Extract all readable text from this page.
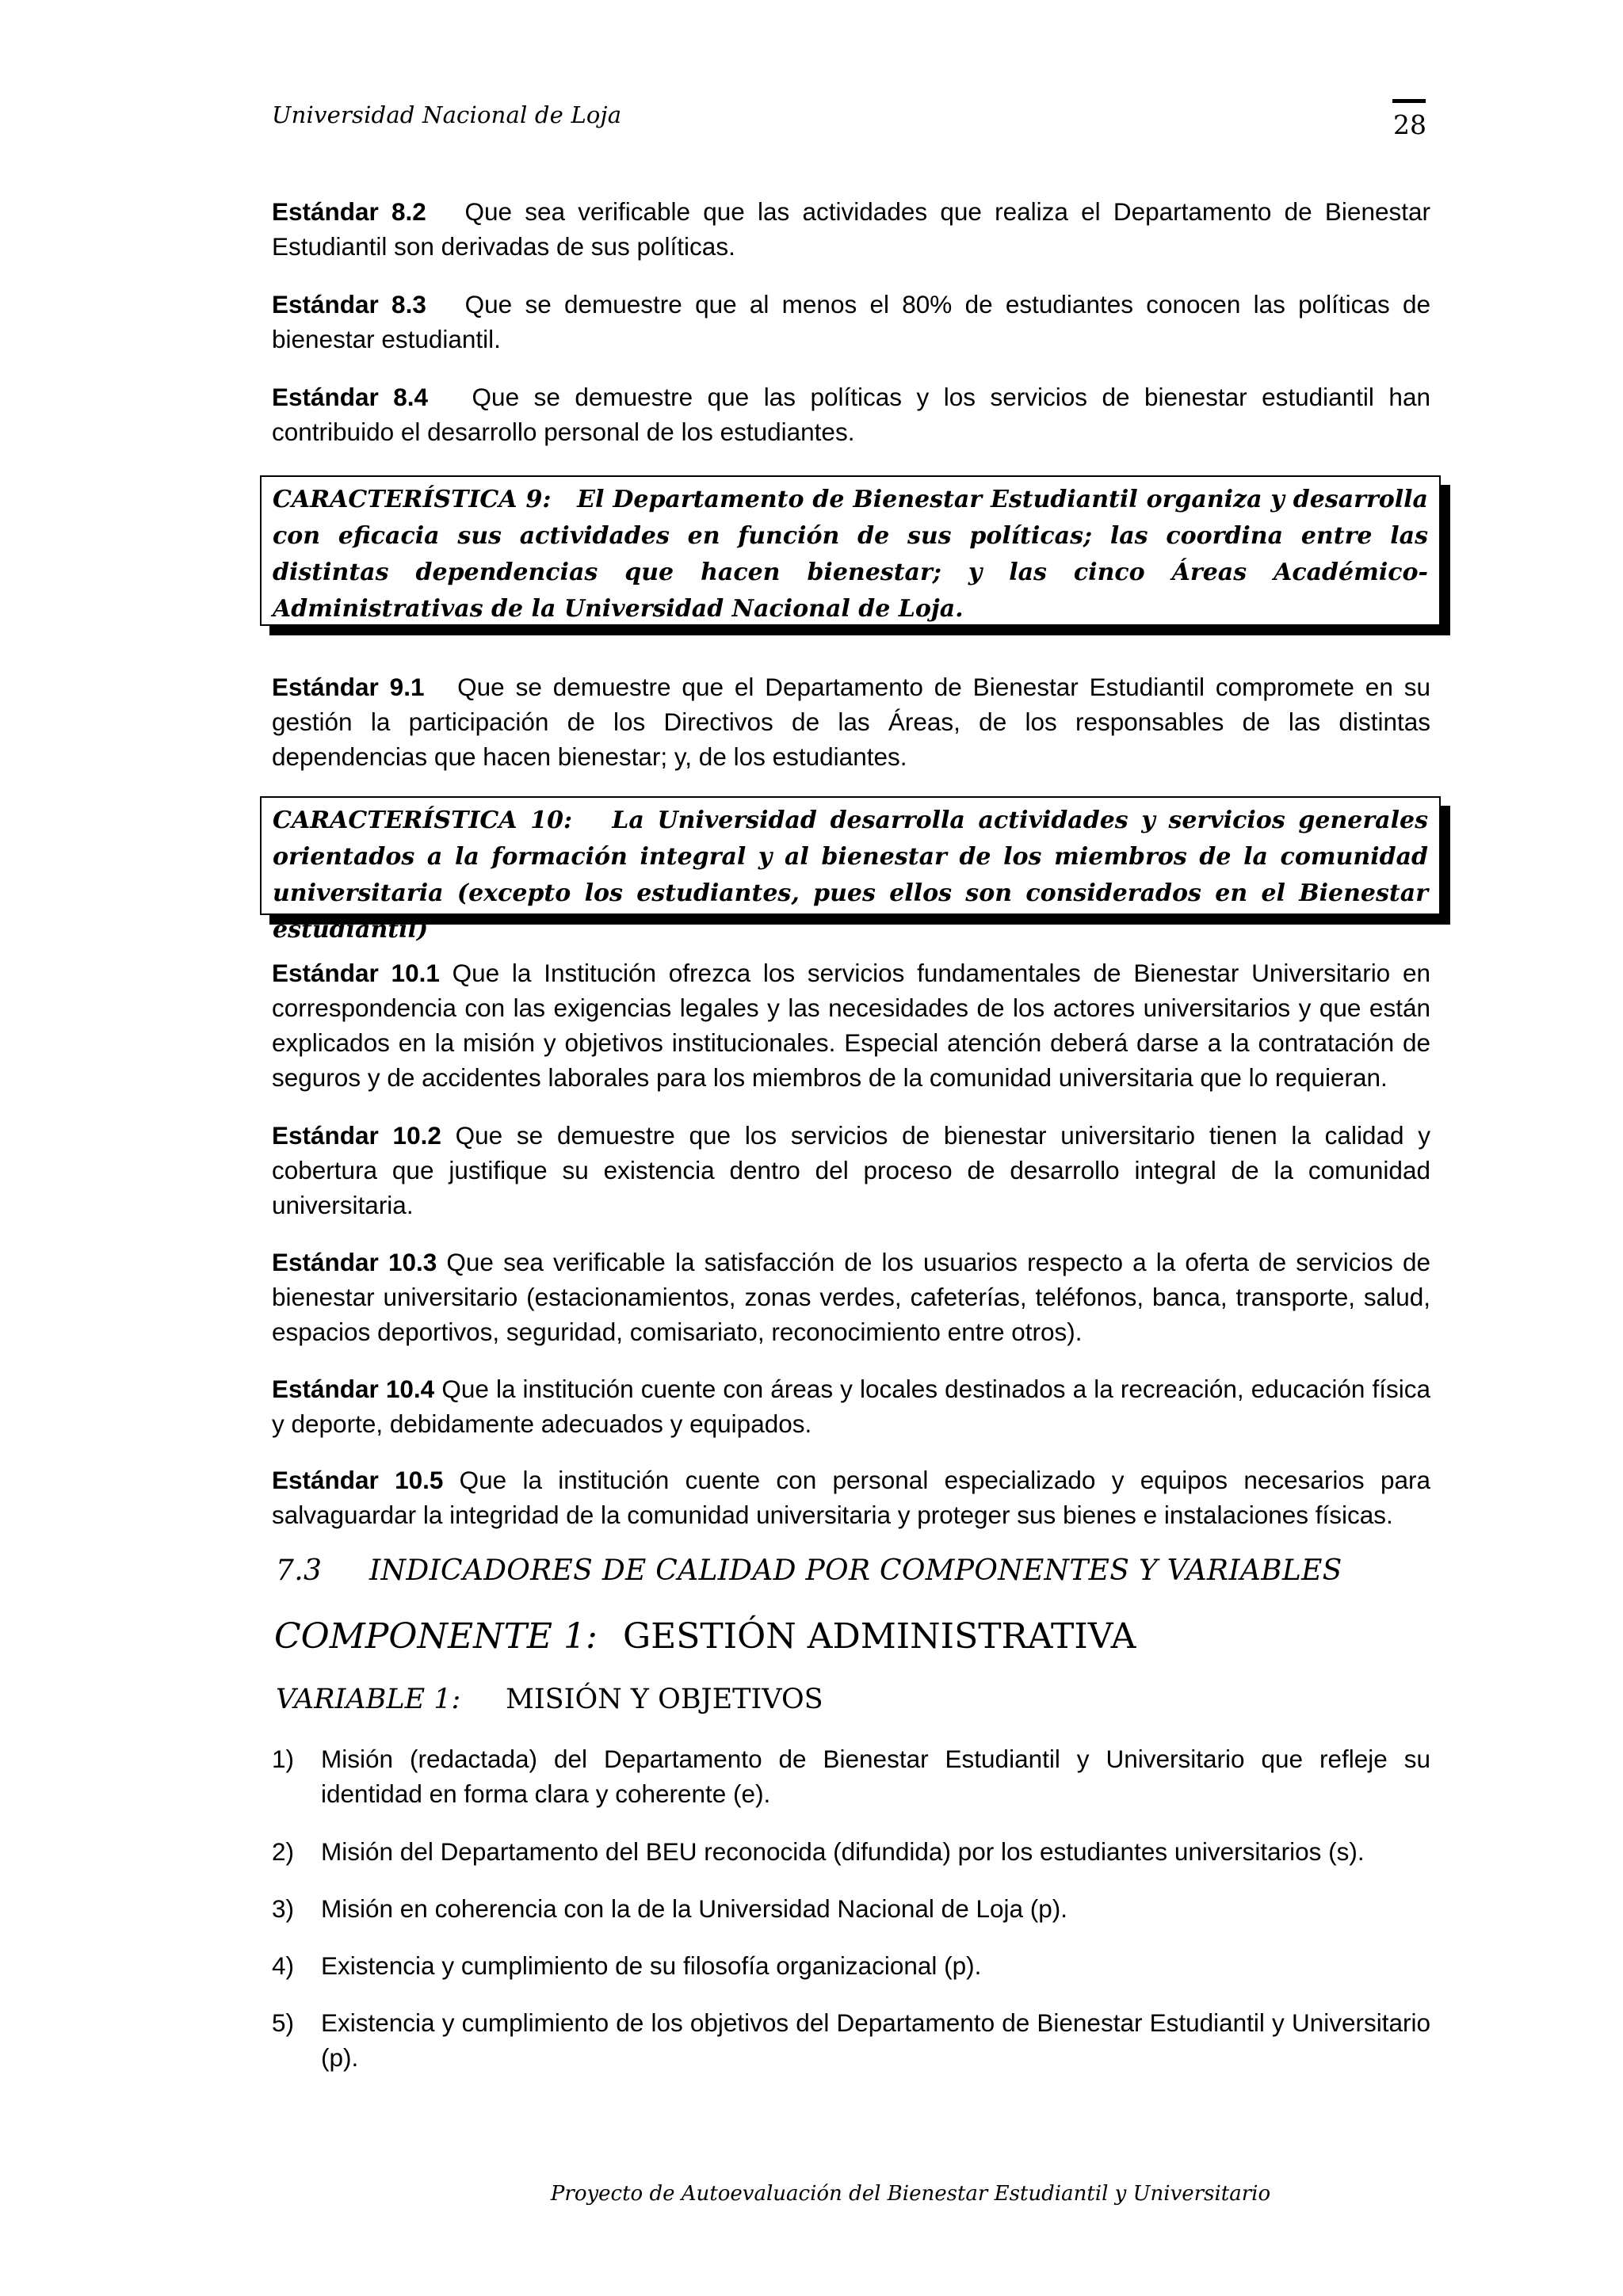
Universidad Nacional de Loja	28

Estándar 8.2 Que sea verificable que las actividades que realiza el Departamento de Bienestar Estudiantil son derivadas de sus políticas.

Estándar 8.3 Que se demuestre que al menos el 80% de estudiantes conocen las políticas de bienestar estudiantil.

Estándar 8.4 Que se demuestre que las políticas y los servicios de bienestar estudiantil han contribuido el desarrollo personal de los estudiantes.

CARACTERÍSTICA 9: El Departamento de Bienestar Estudiantil organiza y desarrolla con eficacia sus actividades en función de sus políticas; las coordina entre las distintas dependencias que hacen bienestar; y las cinco Áreas Académico-Administrativas de la Universidad Nacional de Loja.

Estándar 9.1 Que se demuestre que el Departamento de Bienestar Estudiantil compromete en su gestión la participación de los Directivos de las Áreas, de los responsables de las distintas dependencias que hacen bienestar; y, de los estudiantes.

CARACTERÍSTICA 10: La Universidad desarrolla actividades y servicios generales orientados a la formación integral y al bienestar de los miembros de la comunidad universitaria (excepto los estudiantes, pues ellos son considerados en el Bienestar estudiantil)

Estándar 10.1 Que la Institución ofrezca los servicios fundamentales de Bienestar Universitario en correspondencia con las exigencias legales y las necesidades de los actores universitarios y que están explicados en la misión y objetivos institucionales. Especial atención deberá darse a la contratación de seguros y de accidentes laborales para los miembros de la comunidad universitaria que lo requieran.

Estándar 10.2 Que se demuestre que los servicios de bienestar universitario tienen la calidad y cobertura que justifique su existencia dentro del proceso de desarrollo integral de la comunidad universitaria.

Estándar 10.3 Que sea verificable la satisfacción de los usuarios respecto a la oferta de servicios de bienestar universitario (estacionamientos, zonas verdes, cafeterías, teléfonos, banca, transporte, salud, espacios deportivos, seguridad, comisariato, reconocimiento entre otros).

Estándar 10.4 Que la institución cuente con áreas y locales destinados a la recreación, educación física y deporte, debidamente adecuados y equipados.

Estándar 10.5 Que la institución cuente con personal especializado y equipos necesarios para salvaguardar la integridad de la comunidad universitaria y proteger sus bienes e instalaciones físicas.

7.3 INDICADORES DE CALIDAD POR COMPONENTES Y VARIABLES
COMPONENTE 1: GESTIÓN ADMINISTRATIVA
VARIABLE 1: MISIÓN Y OBJETIVOS
1) Misión (redactada) del Departamento de Bienestar Estudiantil y Universitario que refleje su identidad en forma clara y coherente (e).
2) Misión del Departamento del BEU reconocida (difundida) por los estudiantes universitarios (s).
3) Misión en coherencia con la de la Universidad Nacional de Loja (p).
4) Existencia y cumplimiento de su filosofía organizacional (p).
5) Existencia y cumplimiento de los objetivos del Departamento de Bienestar Estudiantil y Universitario (p).
Proyecto de Autoevaluación del Bienestar Estudiantil y Universitario
